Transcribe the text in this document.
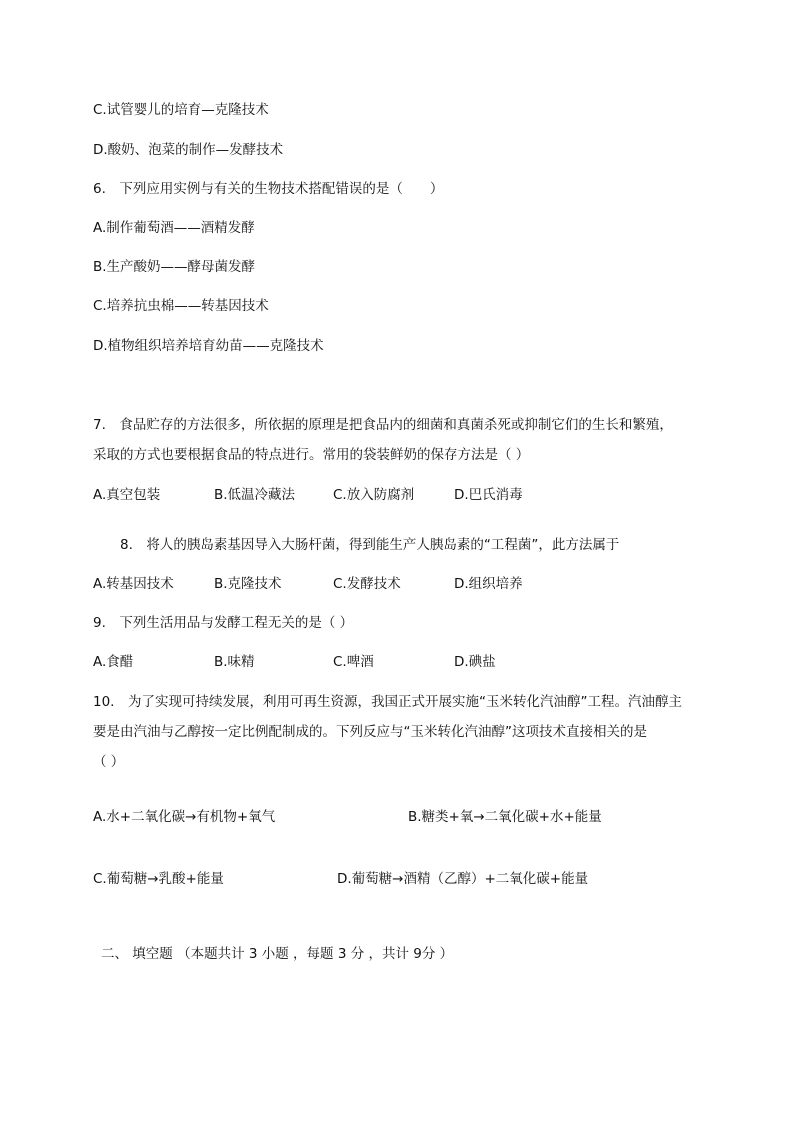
C.试管婴儿的培育—克隆技术
D.酸奶、泡菜的制作—发酵技术
6.　下列应用实例与有关的生物技术搭配错误的是（　　）
A.制作葡萄酒——酒精发酵
B.生产酸奶——酵母菌发酵
C.培养抗虫棉——转基因技术
D.植物组织培养培育幼苗——克隆技术
7.　食品贮存的方法很多，所依据的原理是把食品内的细菌和真菌杀死或抑制它们的生长和繁殖，
采取的方式也要根据食品的特点进行。常用的袋装鲜奶的保存方法是（ ）
A.真空包装	B.低温冷藏法	C.放入防腐剂	D.巴氏消毒
8.　将人的胰岛素基因导入大肠杆菌，得到能生产人胰岛素的“工程菌”，此方法属于
A.转基因技术	B.克隆技术	C.发酵技术	D.组织培养
9.　下列生活用品与发酵工程无关的是（ ）
A.食醋	B.味精	C.啤酒	D.碘盐
10.　为了实现可持续发展，利用可再生资源，我国正式开展实施“玉米转化汽油醇”工程。汽油醇主
要是由汽油与乙醇按一定比例配制成的。下列反应与“玉米转化汽油醇”这项技术直接相关的是
（ ）
A.水+二氧化碳→有机物+氧气	B.糖类+氧→二氧化碳+水+能量
C.葡萄糖→乳酸+能量	D.葡萄糖→酒精（乙醇）+二氧化碳+能量
二、 填空题 （本题共计 3 小题 ，每题 3 分 ，共计 9分 ）
